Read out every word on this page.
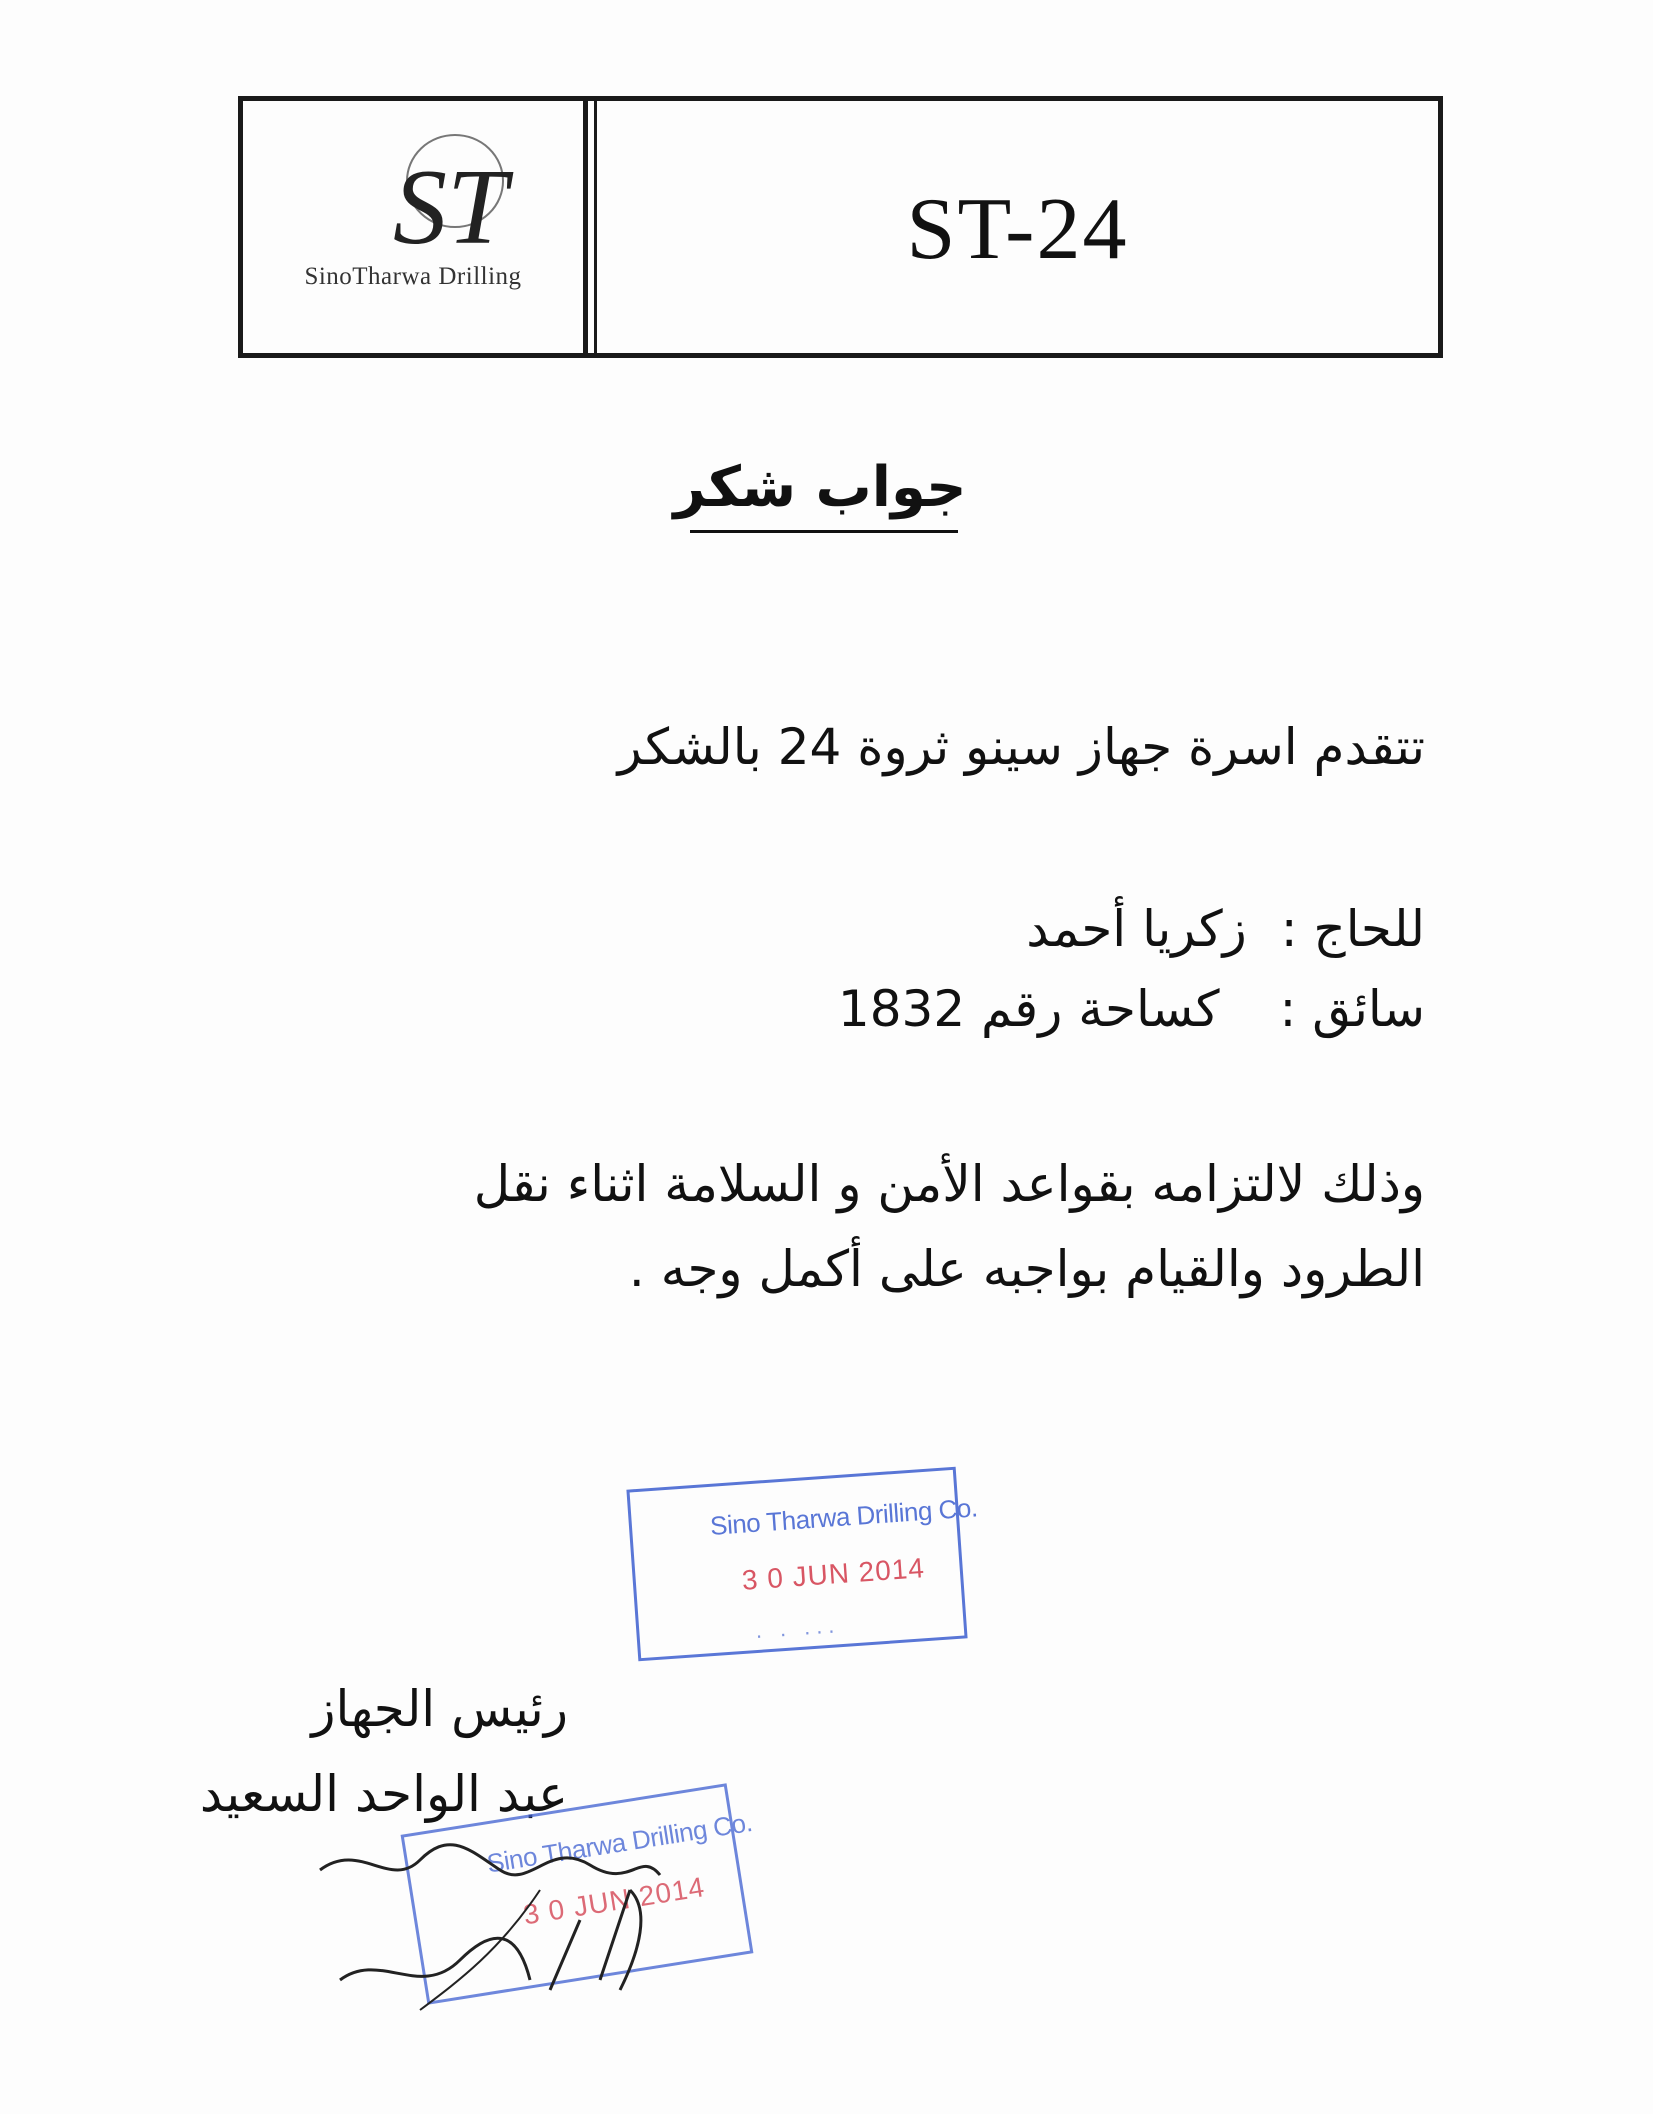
ST
SinoTharwa Drilling	ST-24
جواب شكر
تتقدم اسرة جهاز سينو ثروة 24 بالشكر
للحاج : زكريا أحمد
سائق : كساحة رقم 1832
وذلك لالتزامه بقواعد الأمن و السلامة اثناء نقل
الطرود والقيام بواجبه على أكمل وجه .
Sino Tharwa Drilling Co.
3 0 JUN 2014
. . ...
رئيس الجهاز
عبد الواحد السعيد
Sino Tharwa Drilling Co.
3 0 JUN 2014
